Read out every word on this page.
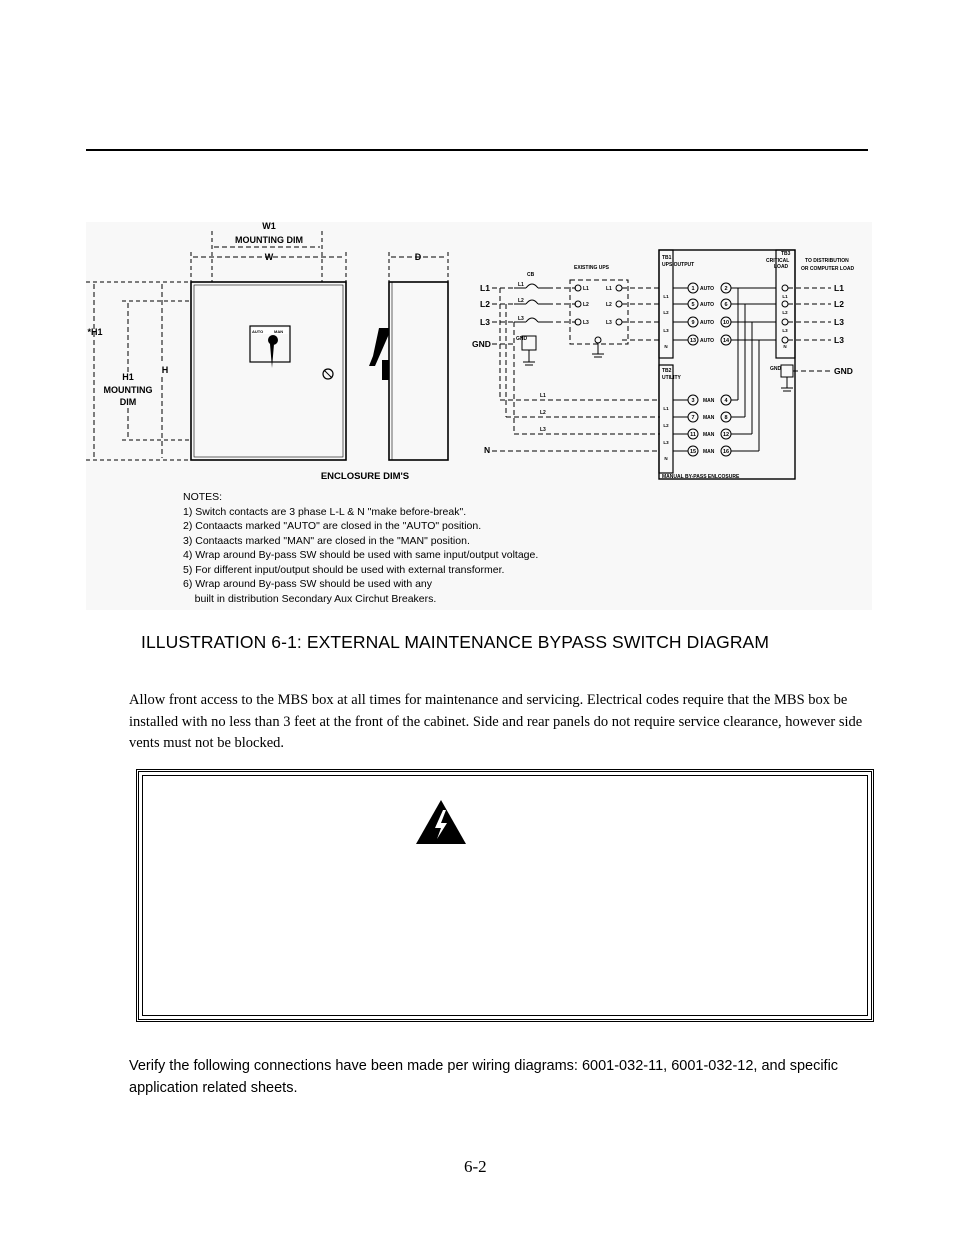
W1
MOUNTING DIM
W	D
*H1
H1
MOUNTING
DIM
H
ENCLOSURE DIM'S
AUTO	MAN
L1
L2
L3
GND
N
L1
L2
L3
L3
GND
CB
EXISTING UPS
TB1
UPS OUTPUT
TB2
UTILITY
TB3
CRITICAL
LOAD
TO DISTRIBUTION
OR COMPUTER LOAD
GND
GND
MANUAL BY-PASS ENLCOSURE
L1
L2
L3
L1
L2
L3
L1
L2
L3
L1
L2
L3
AUTO
AUTO
AUTO
AUTO
MAN
MAN
MAN
MAN
1
5
9
13
2
6
10
14
3
7
11
15
4
8
12
16
L1
L2
L3
N
L1
L2
L3
N
L1
L2
L3
N
NOTES:
1) Switch contacts are 3 phase L-L & N "make before-break".
2) Contaacts marked "AUTO" are closed in the "AUTO" position.
3) Contaacts marked "MAN" are closed in the "MAN" position.
4) Wrap around By-pass SW should be used with same input/output voltage.
5) For different input/output should be used with external transformer.
6) Wrap around By-pass SW should be used with any
built in distribution Secondary Aux Circhut Breakers.
ILLUSTRATION 6-1: EXTERNAL MAINTENANCE BYPASS SWITCH DIAGRAM
Allow front access to the MBS box at all times for maintenance and servicing. Electrical codes require that the MBS box be installed with no less than 3 feet at the front of the cabinet. Side and rear panels do not require service clearance, however side vents must not be blocked.
Verify the following connections have been made per wiring diagrams: 6001-032-11, 6001-032-12, and specific application related sheets.
6-2
